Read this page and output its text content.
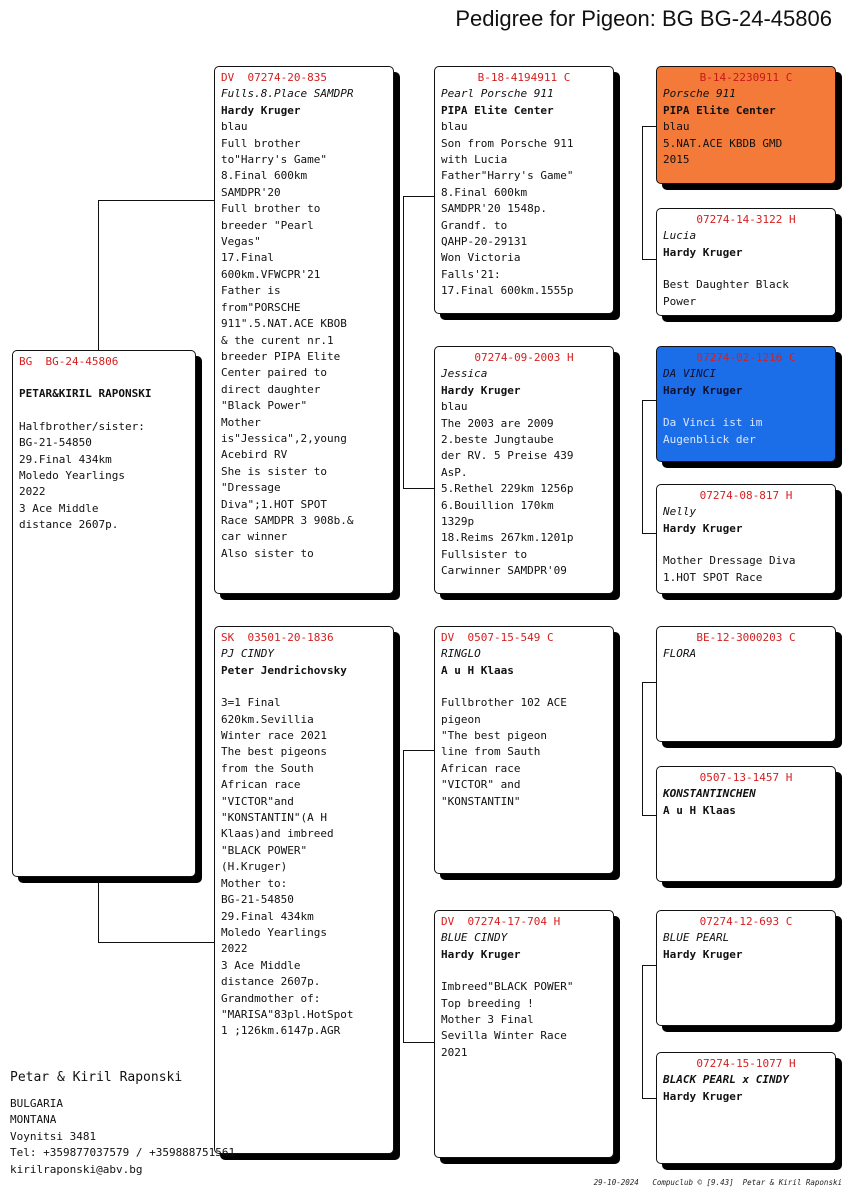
Pedigree for Pigeon: BG BG-24-45806
BG  BG-24-45806
PETAR&KIRIL RAPONSKI
Halfbrother/sister:
BG-21-54850
29.Final 434km
Moledo Yearlings
2022
3 Ace Middle
distance 2607p.
DV  07274-20-835
Fulls.8.Place SAMDPR
Hardy Kruger
blau
Full brother
to"Harry's Game"
8.Final 600km
SAMDPR'20
Full brother to
breeder "Pearl
Vegas"
17.Final
600km.VFWCPR'21
Father is
from"PORSCHE
911".5.NAT.ACE KBOB
& the curent nr.1
breeder PIPA Elite
Center paired to
direct daughter
"Black Power"
Mother
is"Jessica",2,young
Acebird RV
She is sister to
"Dressage
Diva";1.HOT SPOT
Race SAMDPR 3 908b.&
car winner
Also sister to
SK  03501-20-1836
PJ CINDY
Peter Jendrichovsky
3=1 Final
620km.Sevillia
Winter race 2021
The best pigeons
from the South
African race
"VICTOR"and
"KONSTANTIN"(A H
Klaas)and imbreed
"BLACK POWER"
(H.Kruger)
Mother to:
BG-21-54850
29.Final 434km
Moledo Yearlings
2022
3 Ace Middle
distance 2607p.
Grandmother of:
"MARISA"83pl.HotSpot
1 ;126km.6147p.AGR
B-18-4194911 C
Pearl Porsche 911
PIPA Elite Center
blau
Son from Porsche 911
with Lucia
Father"Harry's Game"
8.Final 600km
SAMDPR'20 1548p.
Grandf. to
QAHP-20-29131
Won Victoria
Falls'21:
17.Final 600km.1555p
07274-09-2003 H
Jessica
Hardy Kruger
blau
The 2003 are 2009
2.beste Jungtaube
der RV. 5 Preise 439
AsP.
5.Rethel 229km 1256p
6.Bouillion 170km
1329p
18.Reims 267km.1201p
Fullsister to
Carwinner SAMDPR'09
DV  0507-15-549 C
RINGLO
A u H Klaas
Fullbrother 102 ACE
pigeon
"The best pigeon
line from Sauth
African race
"VICTOR" and
"KONSTANTIN"
DV  07274-17-704 H
BLUE CINDY
Hardy Kruger
Imbreed"BLACK POWER"
Top breeding !
Mother 3 Final
Sevilla Winter Race
2021
B-14-2230911 C
Porsche 911
PIPA Elite Center
blau
5.NAT.ACE KBDB GMD
2015
07274-14-3122 H
Lucia
Hardy Kruger
Best Daughter Black
Power
07274-02-1216 C
DA VINCI
Hardy Kruger
Da Vinci ist im
Augenblick der
07274-08-817 H
Nelly
Hardy Kruger
Mother Dressage Diva
1.HOT SPOT Race
BE-12-3000203 C
FLORA
0507-13-1457 H
KONSTANTINCHEN
A u H Klaas
07274-12-693 C
BLUE PEARL
Hardy Kruger
07274-15-1077 H
BLACK PEARL x CINDY
Hardy Kruger
Petar & Kiril Raponski
BULGARIA
MONTANA
Voynitsi 3481
Tel: +359877037579 / +359888751561
kirilraponski@abv.bg
29-10-2024   Compuclub © [9.43]  Petar & Kiril Raponski
